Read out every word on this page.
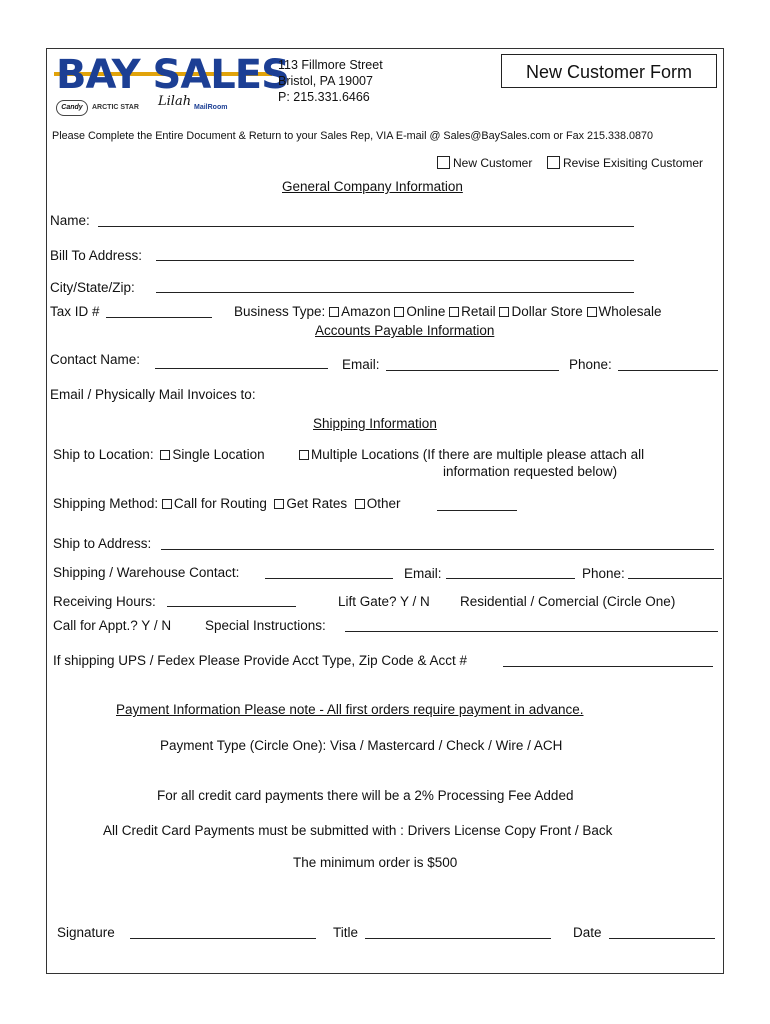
BAY SALES
Candy	ARCTIC STAR Lilah MailRoom
113 Fillmore Street
Bristol, PA 19007
P: 215.331.6466
New Customer Form
Please Complete the Entire Document & Return to your Sales Rep, VIA E-mail @ Sales@BaySales.com or Fax 215.338.0870
New Customer	Revise Exisiting Customer
General Company Information
Name:
Bill To Address:
City/State/Zip:
Tax ID #	Business Type: Amazon Online Retail Dollar Store Wholesale
Accounts Payable Information
Contact Name:	Email:	Phone:
Email / Physically Mail Invoices to:
Shipping Information
Ship to Location: Single Location	Multiple Locations (If there are multiple please attach all
information requested below)
Shipping Method: Call for Routing Get Rates Other
Ship to Address:
Shipping / Warehouse Contact:	Email:	Phone:
Receiving Hours:	Lift Gate? Y / N Residential / Comercial (Circle One)
Call for Appt.? Y / N	Special Instructions:
If shipping UPS / Fedex Please Provide Acct Type, Zip Code & Acct #
Payment Information Please note - All first orders require payment in advance.
Payment Type (Circle One): Visa / Mastercard / Check / Wire / ACH
For all credit card payments there will be a 2% Processing Fee Added
All Credit Card Payments must be submitted with : Drivers License Copy Front / Back
The minimum order is $500
Signature	Title	Date
